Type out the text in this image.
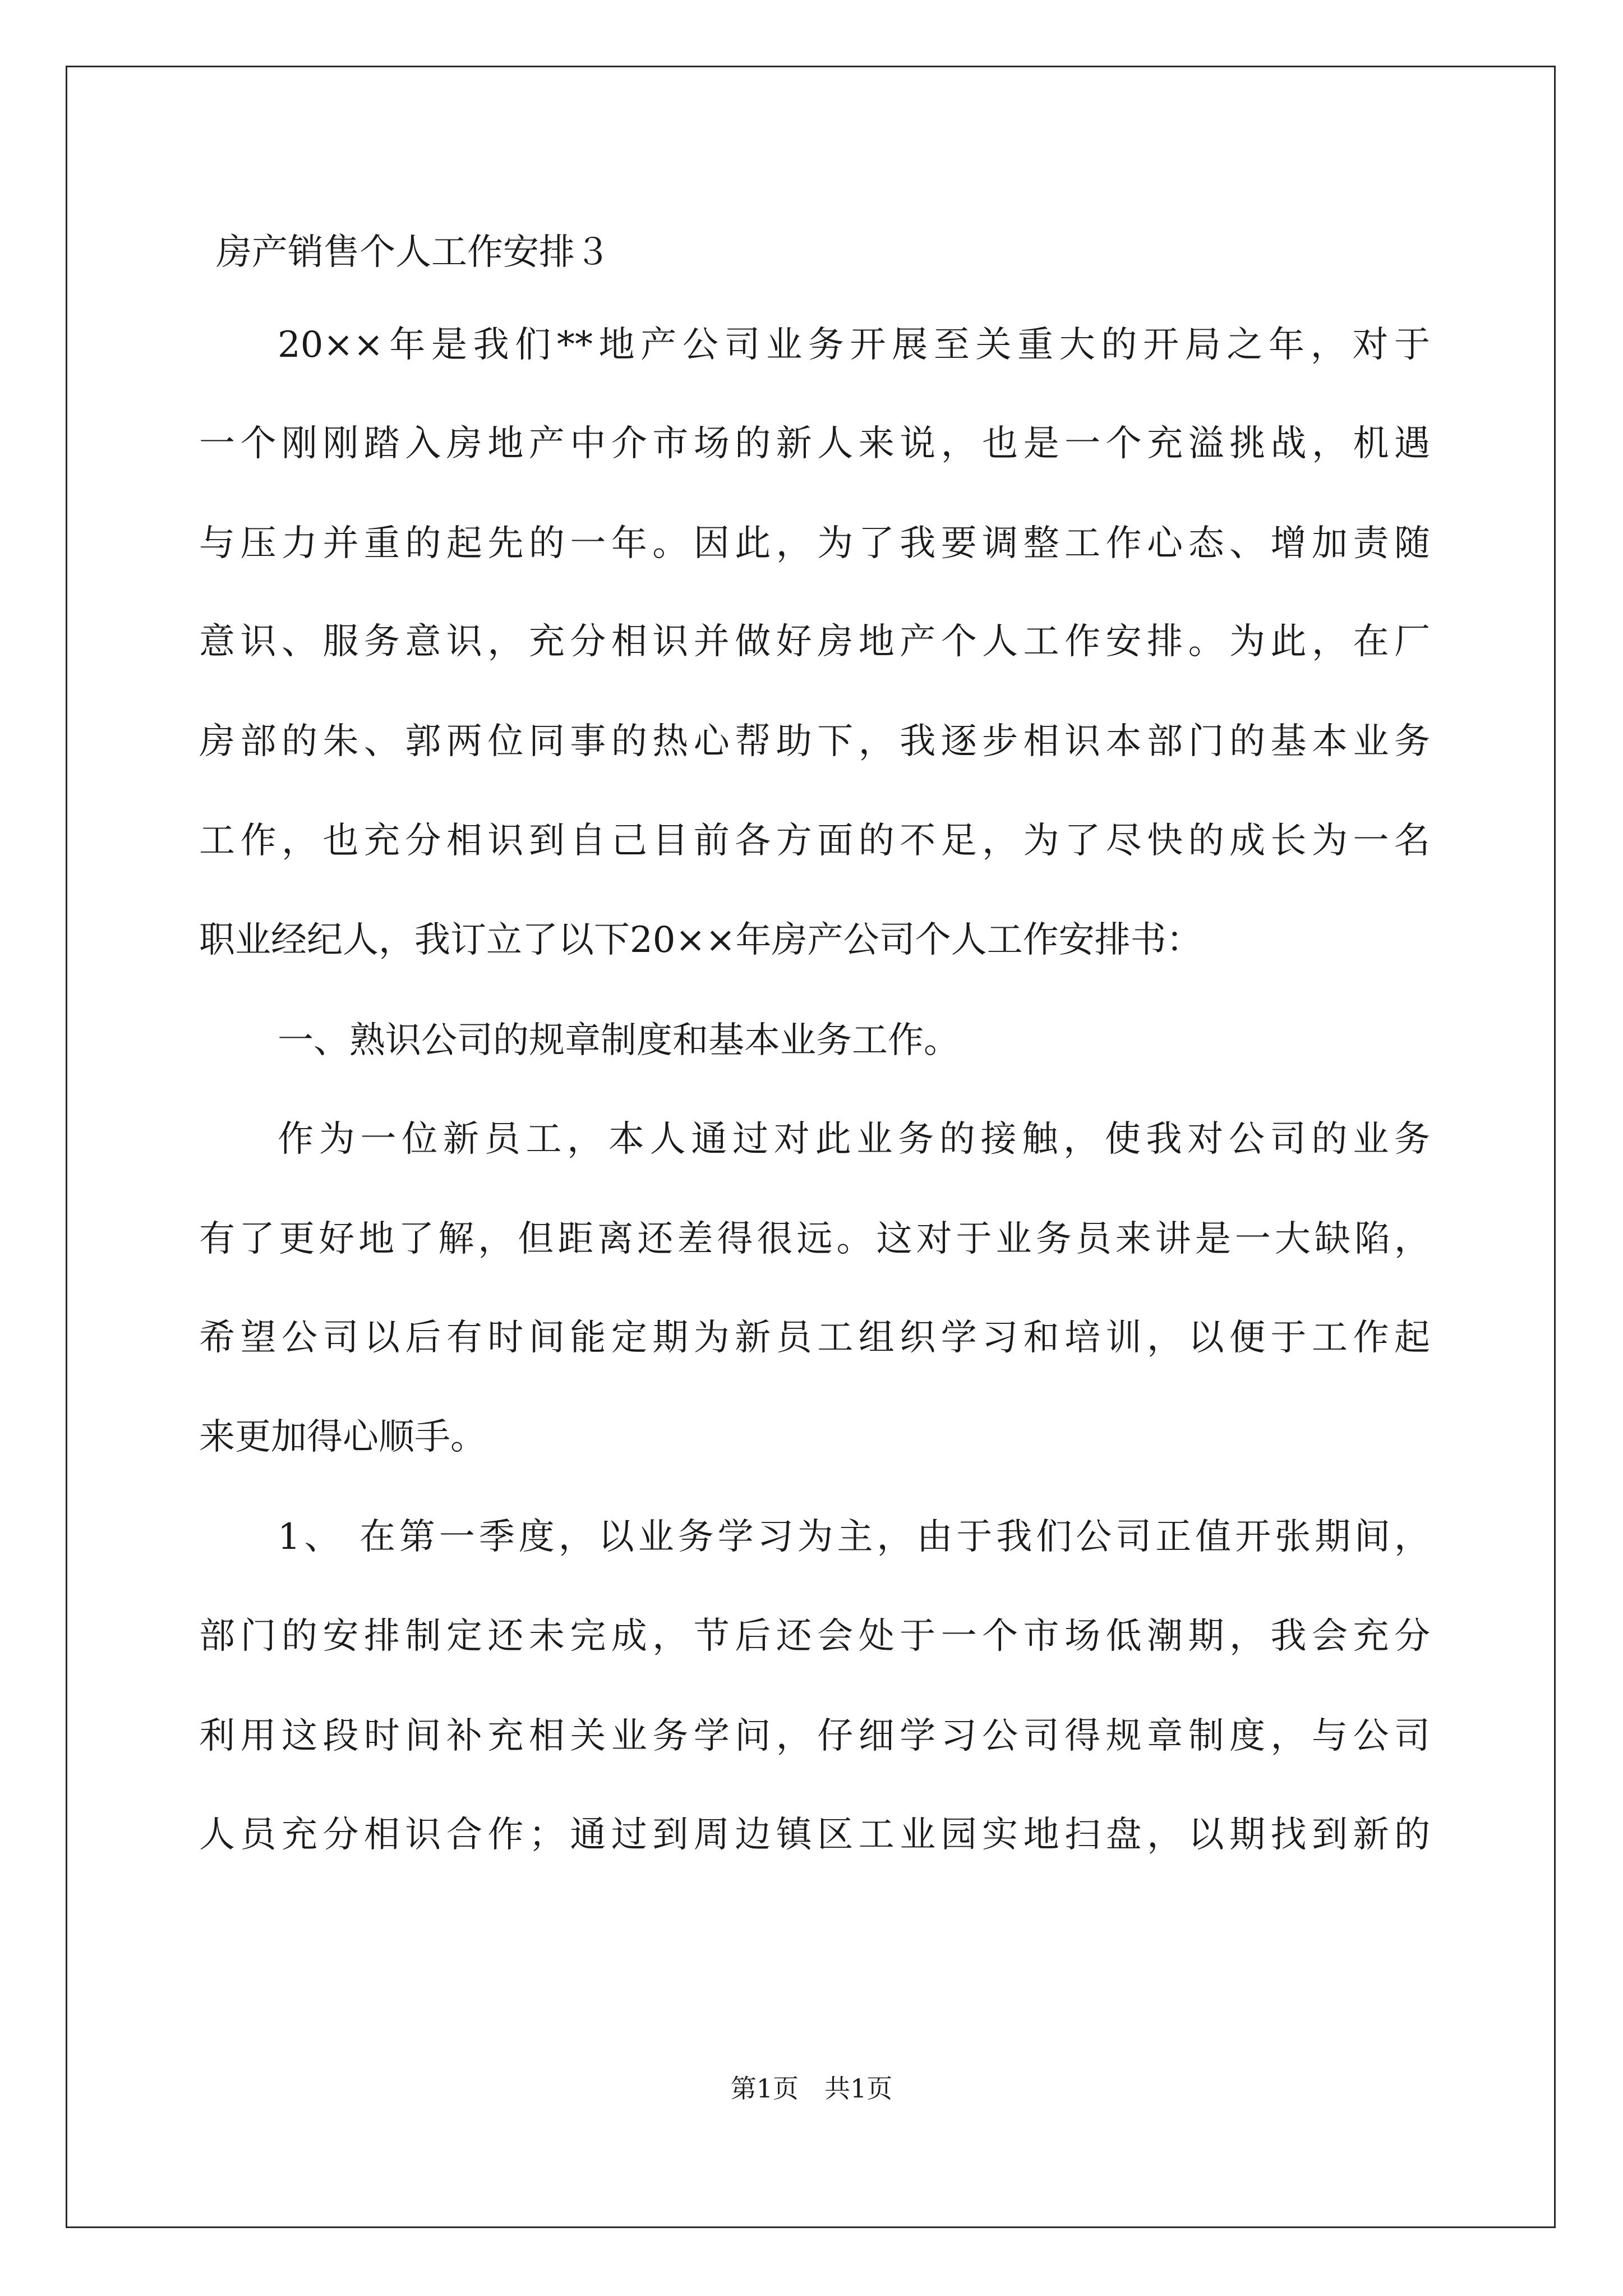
房产销售个人工作安排３

20××年是我们**地产公司业务开展至关重大的开局之年，对于

一个刚刚踏入房地产中介市场的新人来说，也是一个充溢挑战，机遇

与压力并重的起先的一年。因此，为了我要调整工作心态、增加责随

意识、服务意识，充分相识并做好房地产个人工作安排。为此，在厂

房部的朱、郭两位同事的热心帮助下，我逐步相识本部门的基本业务

工作，也充分相识到自己目前各方面的不足，为了尽快的成长为一名

职业经纪人，我订立了以下20××年房产公司个人工作安排书：

一、熟识公司的规章制度和基本业务工作。

作为一位新员工，本人通过对此业务的接触，使我对公司的业务

有了更好地了解，但距离还差得很远。这对于业务员来讲是一大缺陷，

希望公司以后有时间能定期为新员工组织学习和培训，以便于工作起

来更加得心顺手。

1、 在第一季度，以业务学习为主，由于我们公司正值开张期间，

部门的安排制定还未完成，节后还会处于一个市场低潮期，我会充分

利用这段时间补充相关业务学问，仔细学习公司得规章制度，与公司

人员充分相识合作；通过到周边镇区工业园实地扫盘，以期找到新的

第1页　共1页
